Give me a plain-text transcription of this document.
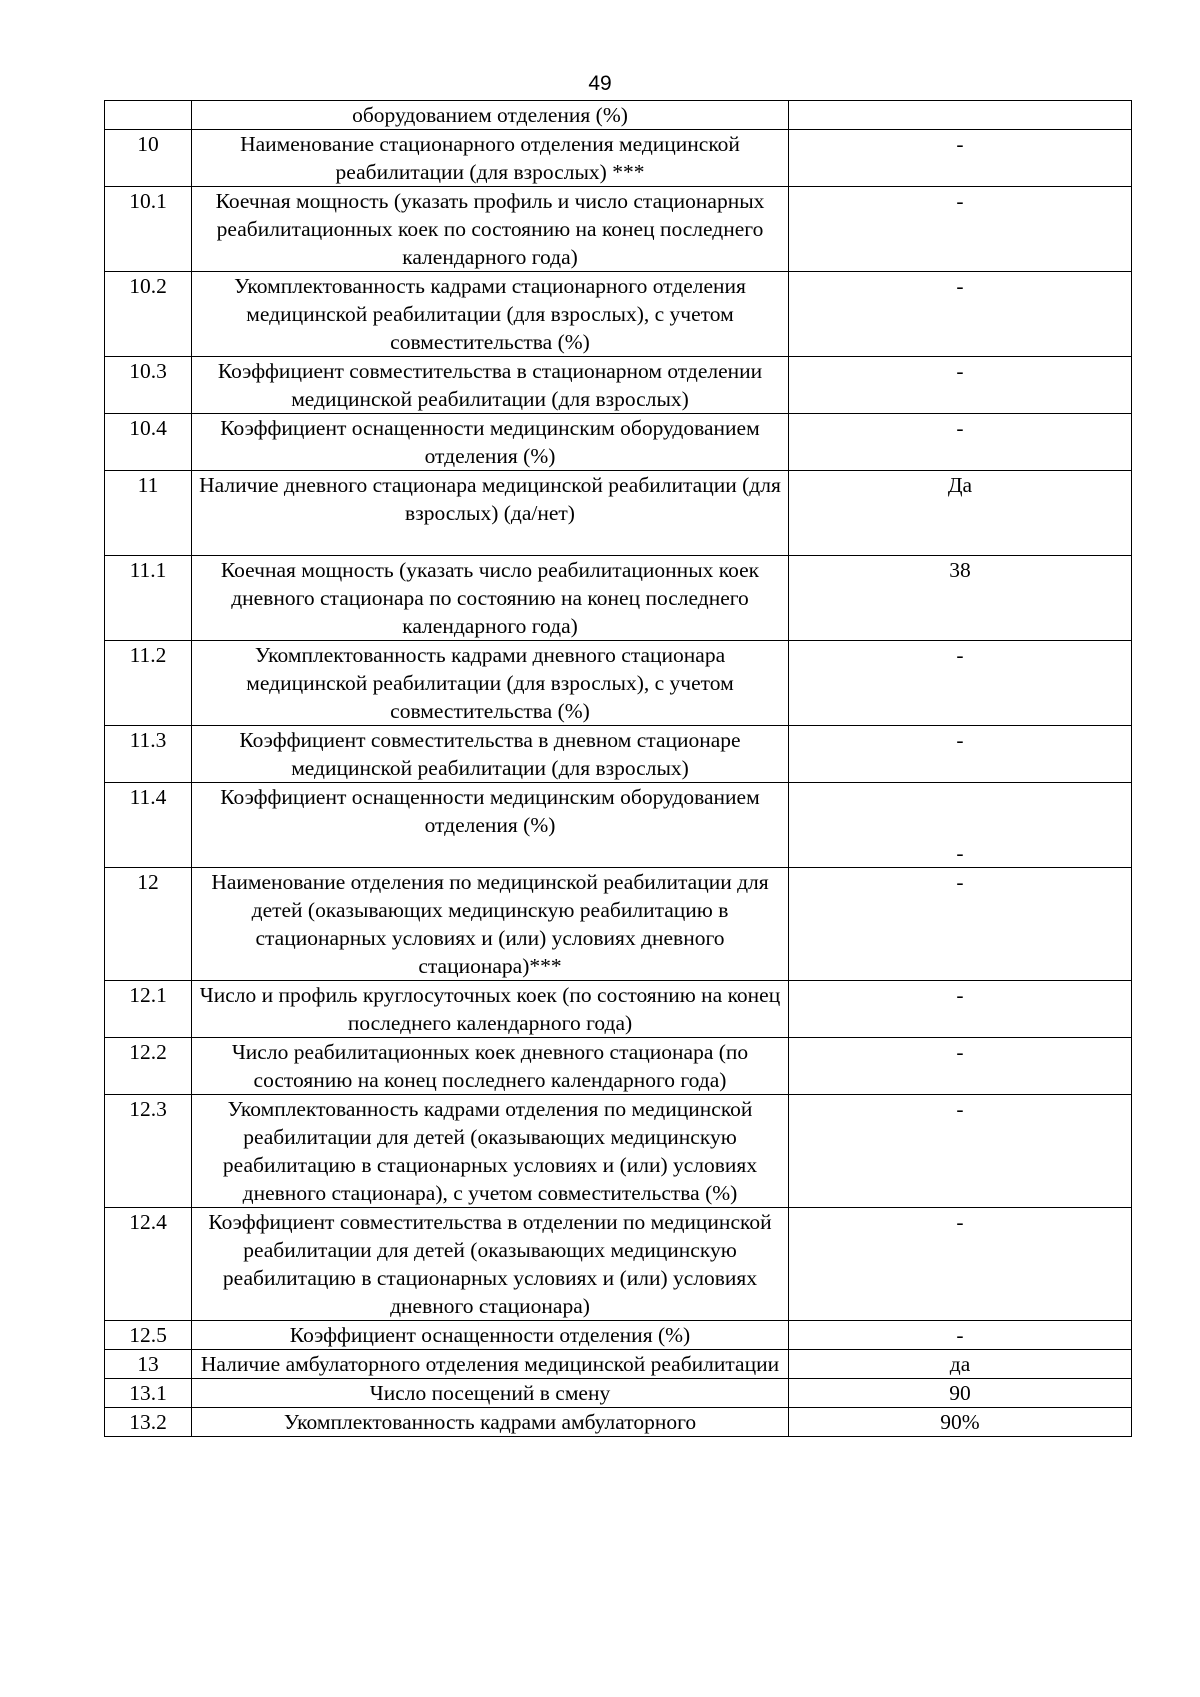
49
	оборудованием отделения (%)	
10	Наименование стационарного отделения медицинской реабилитации (для взрослых) ***	-
10.1	Коечная мощность (указать профиль и число стационарных реабилитационных коек по состоянию на конец последнего календарного года)	-
10.2	Укомплектованность кадрами стационарного отделения медицинской реабилитации (для взрослых), с учетом совместительства (%)	-
10.3	Коэффициент совместительства в стационарном отделении медицинской реабилитации (для взрослых)	-
10.4	Коэффициент оснащенности медицинским оборудованием отделения (%)	-
11	Наличие дневного стационара медицинской реабилитации (для взрослых) (да/нет)	Да
11.1	Коечная мощность (указать число реабилитационных коек дневного стационара по состоянию на конец последнего календарного года)	38
11.2	Укомплектованность кадрами дневного стационара медицинской реабилитации (для взрослых), с учетом совместительства (%)	-
11.3	Коэффициент совместительства в дневном стационаре медицинской реабилитации (для взрослых)	-
11.4	Коэффициент оснащенности медицинским оборудованием отделения (%)	-
12	Наименование отделения по медицинской реабилитации для детей (оказывающих медицинскую реабилитацию в стационарных условиях и (или) условиях дневного стационара)***	-
12.1	Число и профиль круглосуточных коек (по состоянию на конец последнего календарного года)	-
12.2	Число реабилитационных коек дневного стационара (по состоянию на конец последнего календарного года)	-
12.3	Укомплектованность кадрами отделения по медицинской реабилитации для детей (оказывающих медицинскую реабилитацию в стационарных условиях и (или) условиях дневного стационара), с учетом совместительства (%)	-
12.4	Коэффициент совместительства в отделении по медицинской реабилитации для детей (оказывающих медицинскую реабилитацию в стационарных условиях и (или) условиях дневного стационара)	-
12.5	Коэффициент оснащенности отделения (%)	-
13	Наличие амбулаторного отделения медицинской реабилитации	да
13.1	Число посещений в смену	90
13.2	Укомплектованность кадрами амбулаторного	90%
